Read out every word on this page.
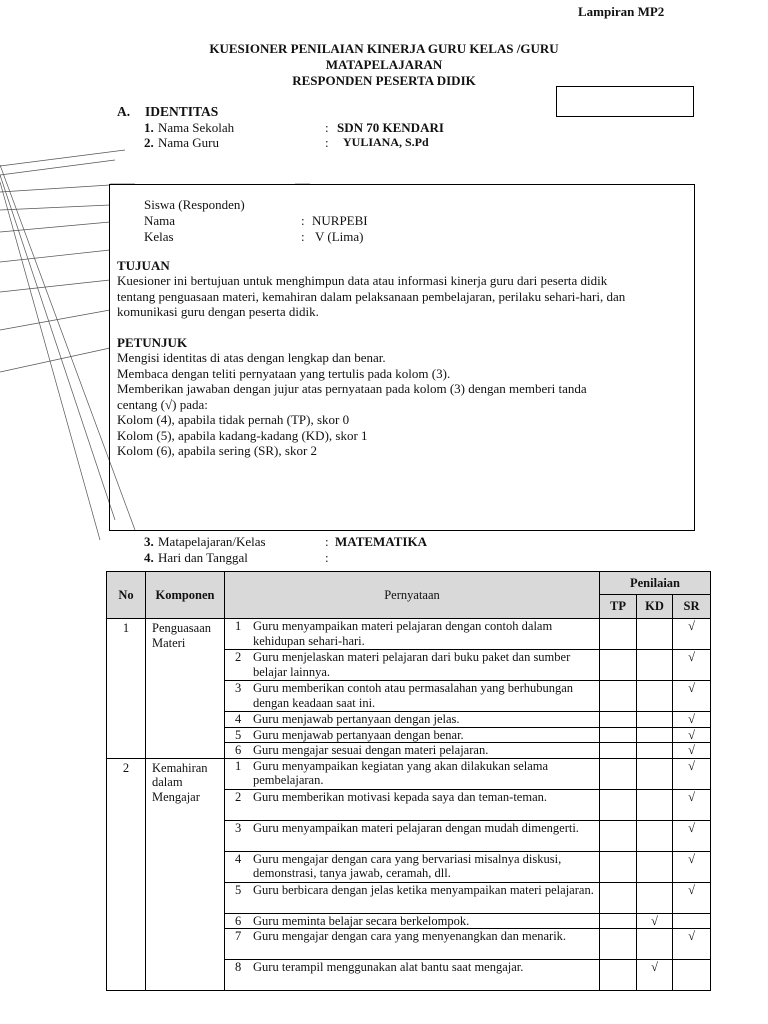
Lampiran MP2
KUESIONER PENILAIAN KINERJA GURU KELAS /GURU
MATAPELAJARAN
RESPONDEN PESERTA DIDIK
A. IDENTITAS
1. Nama Sekolah	: SDN 70 KENDARI
2. Nama Guru	: YULIANA, S.Pd
Siswa (Responden)
Nama	: NURPEBI
Kelas	: V (Lima)
TUJUAN
Kuesioner ini bertujuan untuk menghimpun data atau informasi kinerja guru dari peserta didik
tentang penguasaan materi, kemahiran dalam pelaksanaan pembelajaran, perilaku sehari-hari, dan
komunikasi guru dengan peserta didik.
PETUNJUK
Mengisi identitas di atas dengan lengkap dan benar.
Membaca dengan teliti pernyataan yang tertulis pada kolom (3).
Memberikan jawaban dengan jujur atas pernyataan pada kolom (3) dengan memberi tanda
centang (√) pada:
Kolom (4), apabila tidak pernah (TP), skor 0
Kolom (5), apabila kadang-kadang (KD), skor 1
Kolom (6), apabila sering (SR), skor 2
3. Matapelajaran/Kelas	: MATEMATIKA
4. Hari dan Tanggal	:
No	Komponen	Pernyataan	Penilaian		
			TP	KD	SR
1	Penguasaan Materi	1 Guru menyampaikan materi pelajaran dengan contoh dalam kehidupan sehari-hari.			√

		2 Guru menjelaskan materi pelajaran dari buku paket dan sumber belajar lainnya.			√

		3 Guru memberikan contoh atau permasalahan yang berhubungan dengan keadaan saat ini.			√

		4 Guru menjawab pertanyaan dengan jelas.			√

		5 Guru menjawab pertanyaan dengan benar.			√

		6 Guru mengajar sesuai dengan materi pelajaran.			√
2	Kemahiran dalam Mengajar	1 Guru menyampaikan kegiatan yang akan dilakukan selama pembelajaran.			√

		2 Guru memberikan motivasi kepada saya dan teman-teman.			√

		3 Guru menyampaikan materi pelajaran dengan mudah dimengerti.			√

		4 Guru mengajar dengan cara yang bervariasi misalnya diskusi, demonstrasi, tanya jawab, ceramah, dll.			√

		5 Guru berbicara dengan jelas ketika menyampaikan materi pelajaran.			√

		6 Guru meminta belajar secara berkelompok.		√	

		7 Guru mengajar dengan cara yang menyenangkan dan menarik.			√

		8 Guru terampil menggunakan alat bantu saat mengajar.		√	
